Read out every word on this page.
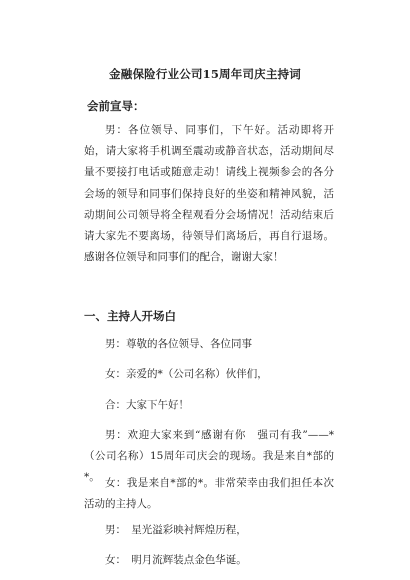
金融保险行业公司15周年司庆主持词
会前宣导：

男：各位领导、同事们，下午好。活动即将开始，请大家将手机调至震动或静音状态，活动期间尽量不要接打电话或随意走动！请线上视频参会的各分会场的领导和同事们保持良好的坐姿和精神风貌，活动期间公司领导将全程观看分会场情况！活动结束后请大家先不要离场，待领导们离场后，再自行退场。感谢各位领导和同事们的配合，谢谢大家！

一、主持人开场白

男：尊敬的各位领导、各位同事

女：亲爱的*（公司名称）伙伴们，

合：大家下午好！

男：欢迎大家来到“感谢有你　强司有我”——*（公司名称）15周年司庆会的现场。我是来自*部的*。 女：我是来自*部的*。非常荣幸由我们担任本次活动的主持人。

男：　星光溢彩映衬辉煌历程，

女：　明月流辉装点金色华诞。
